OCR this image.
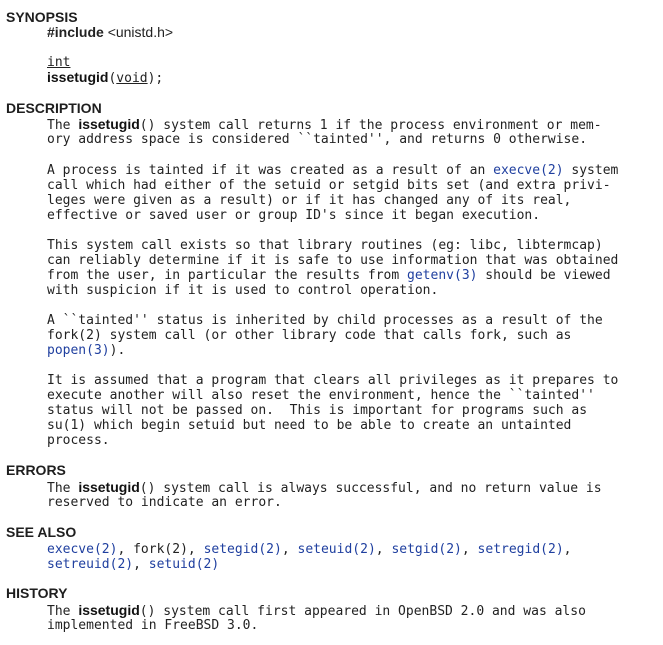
SYNOPSIS
#include <unistd.h>
int
issetugid(void);
DESCRIPTION
The issetugid() system call returns 1 if the process environment or mem-
ory address space is considered ``tainted'', and returns 0 otherwise.
A process is tainted if it was created as a result of an execve(2) system
call which had either of the setuid or setgid bits set (and extra privi-
leges were given as a result) or if it has changed any of its real,
effective or saved user or group ID's since it began execution.
This system call exists so that library routines (eg: libc, libtermcap)
can reliably determine if it is safe to use information that was obtained
from the user, in particular the results from getenv(3) should be viewed
with suspicion if it is used to control operation.
A ``tainted'' status is inherited by child processes as a result of the
fork(2) system call (or other library code that calls fork, such as
popen(3)).
It is assumed that a program that clears all privileges as it prepares to
execute another will also reset the environment, hence the ``tainted''
status will not be passed on.  This is important for programs such as
su(1) which begin setuid but need to be able to create an untainted
process.
ERRORS
The issetugid() system call is always successful, and no return value is
reserved to indicate an error.
SEE ALSO
execve(2), fork(2), setegid(2), seteuid(2), setgid(2), setregid(2),
setreuid(2), setuid(2)
HISTORY
The issetugid() system call first appeared in OpenBSD 2.0 and was also
implemented in FreeBSD 3.0.
